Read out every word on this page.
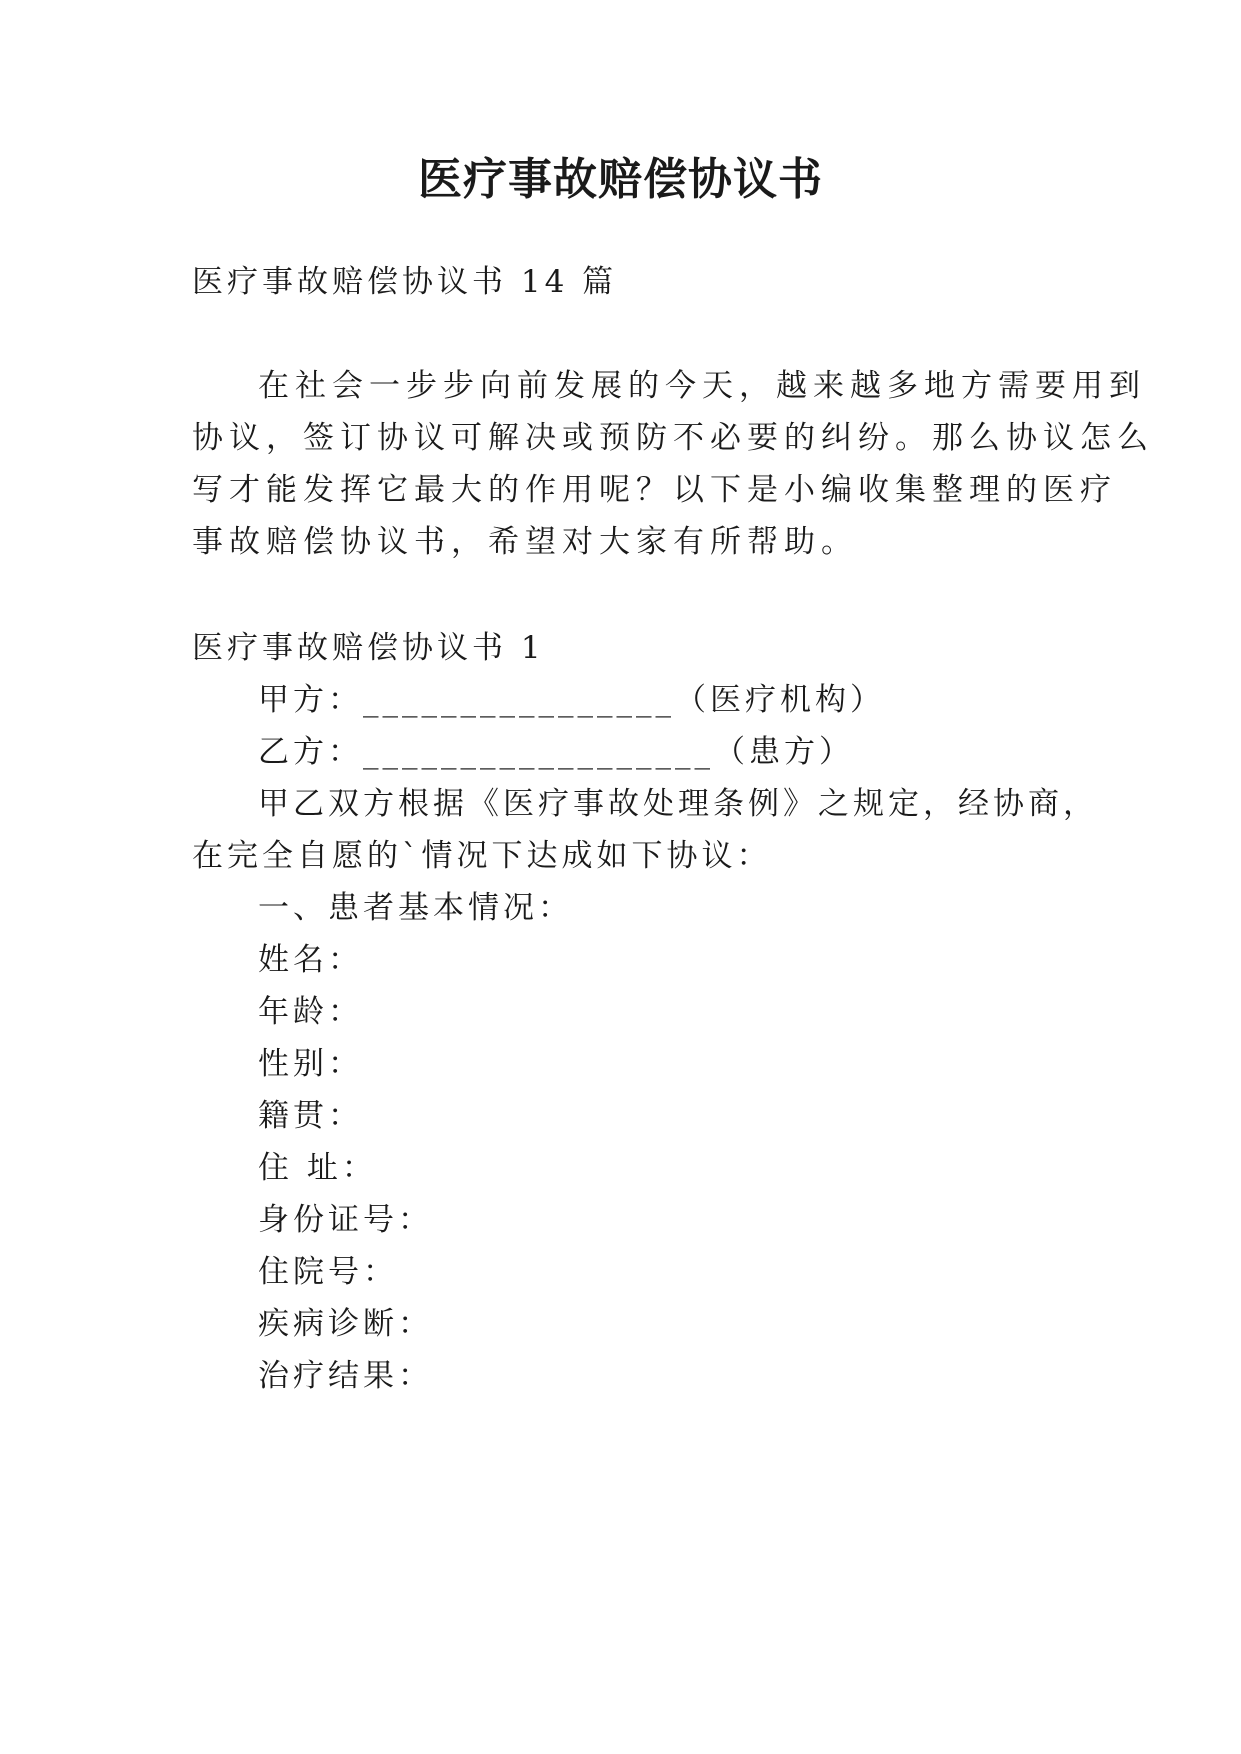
医疗事故赔偿协议书

医疗事故赔偿协议书 14 篇

在社会一步步向前发展的今天，越来越多地方需要用到

协议，签订协议可解决或预防不必要的纠纷。那么协议怎么

写才能发挥它最大的作用呢？以下是小编收集整理的医疗

事故赔偿协议书，希望对大家有所帮助。

医疗事故赔偿协议书 1

甲方：________________（医疗机构）

乙方：__________________（患方）

甲乙双方根据《医疗事故处理条例》之规定，经协商，

在完全自愿的`情况下达成如下协议：

一、患者基本情况：

姓名：

年龄：

性别：

籍贯：

住 址：

身份证号：

住院号：

疾病诊断：

治疗结果：
